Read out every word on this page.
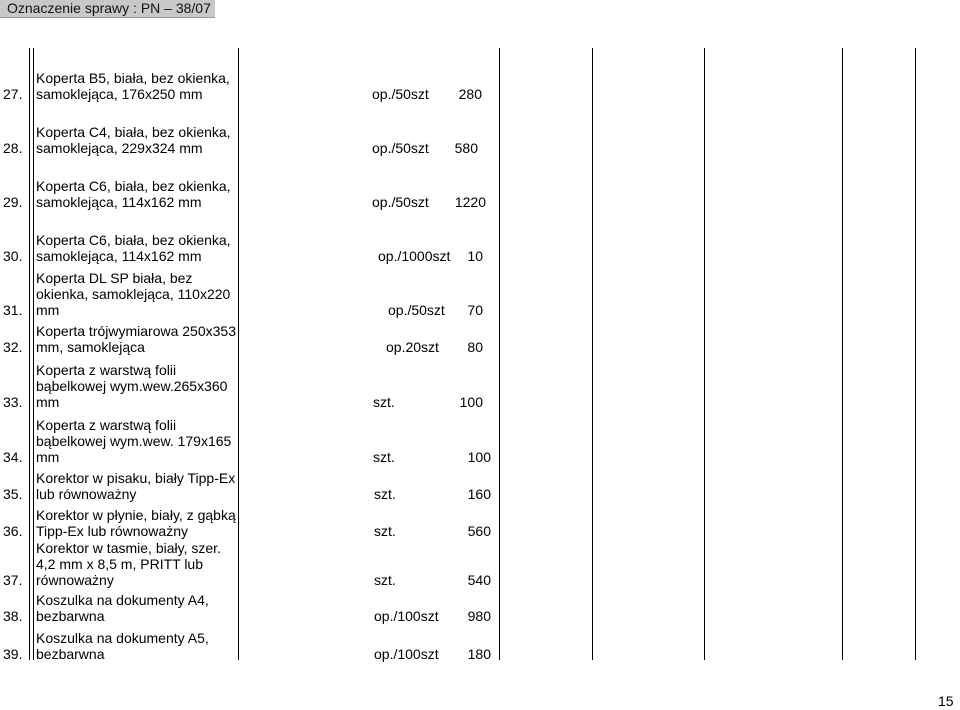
Oznaczenie sprawy : PN – 38/07
27.
Koperta B5, biała, bez okienka,
samoklejąca, 176x250 mm	op./50szt	280
28.
Koperta C4, biała, bez okienka,
samoklejąca, 229x324 mm	op./50szt	580
29.
Koperta C6, biała, bez okienka,
samoklejąca, 114x162 mm	op./50szt	1220
30.
Koperta C6, biała, bez okienka,
samoklejąca, 114x162 mm	op./1000szt	10
31.
Koperta DL SP biała, bez
okienka, samoklejąca, 110x220
mm	op./50szt	70
32.
Koperta trójwymiarowa 250x353
mm, samoklejąca	op.20szt	80
33.
Koperta z warstwą folii
bąbelkowej wym.wew.265x360
mm	szt.	100
34.
Koperta z warstwą folii
bąbelkowej wym.wew. 179x165
mm	szt.	100
35.
Korektor w pisaku, biały Tipp-Ex
lub równoważny	szt.	160
36.
Korektor w płynie, biały, z gąbką
Tipp-Ex lub równoważny	szt.	560
37.
Korektor w tasmie, biały, szer.
4,2 mm x 8,5 m, PRITT lub
równoważny	szt.	540
38.
Koszulka na dokumenty A4,
bezbarwna	op./100szt	980
39.
Koszulka na dokumenty A5,
bezbarwna	op./100szt	180
15
